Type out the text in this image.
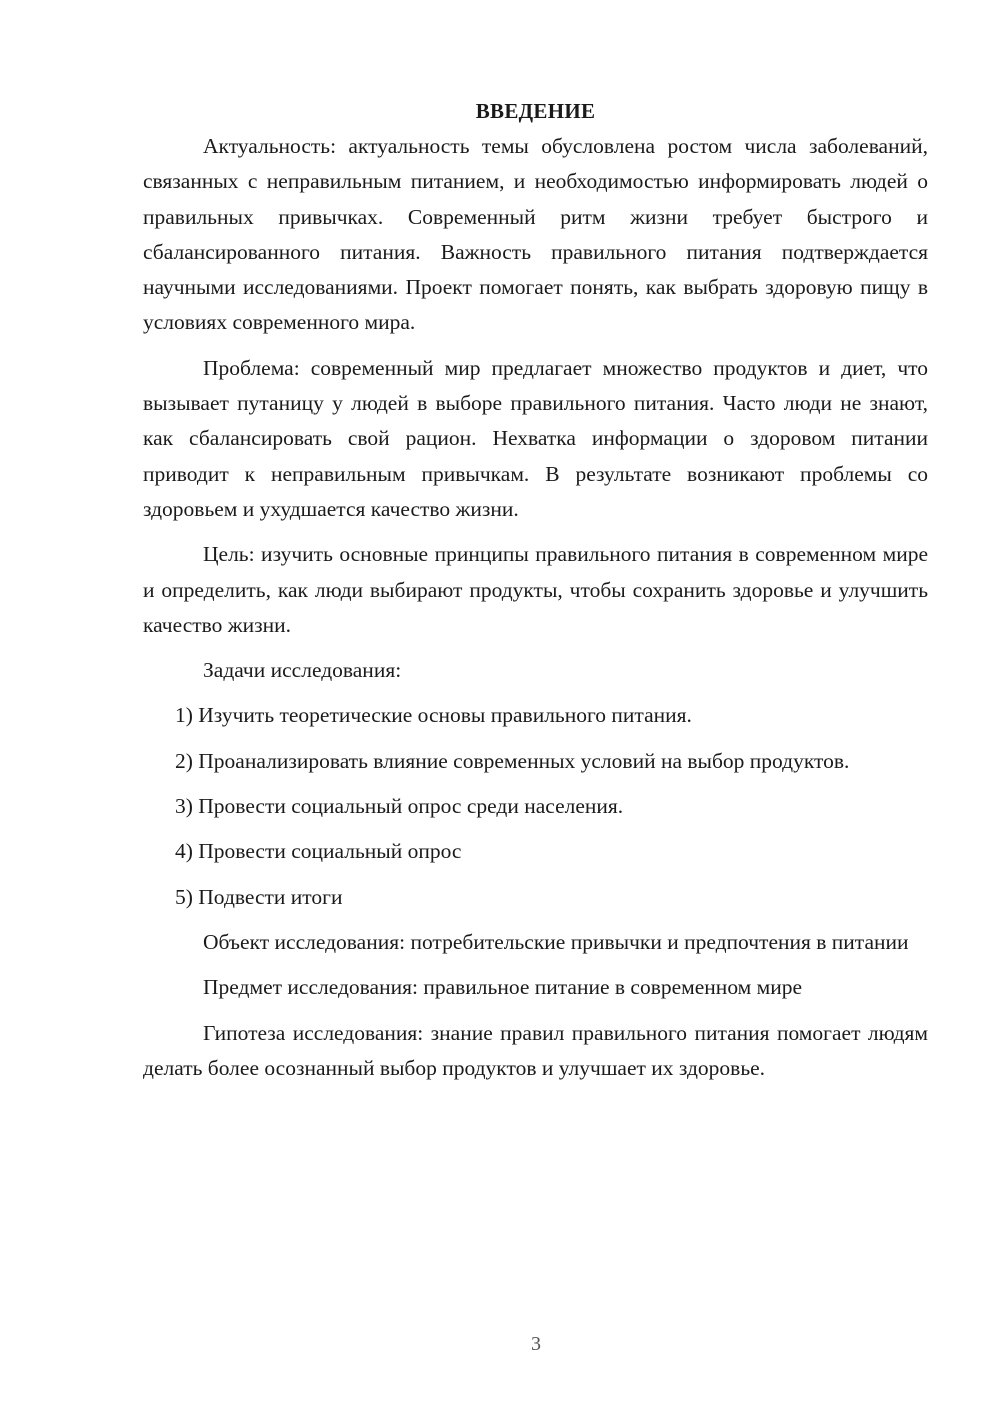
ВВЕДЕНИЕ

Актуальность: актуальность темы обусловлена ростом числа заболеваний, связанных с неправильным питанием, и необходимостью информировать людей о правильных привычках. Современный ритм жизни требует быстрого и сбалансированного питания. Важность правильного питания подтверждается научными исследованиями. Проект помогает понять, как выбрать здоровую пищу в условиях современного мира.

Проблема: современный мир предлагает множество продуктов и диет, что вызывает путаницу у людей в выборе правильного питания. Часто люди не знают, как сбалансировать свой рацион. Нехватка информации о здоровом питании приводит к неправильным привычкам. В результате возникают проблемы со здоровьем и ухудшается качество жизни.

Цель: изучить основные принципы правильного питания в современном мире и определить, как люди выбирают продукты, чтобы сохранить здоровье и улучшить качество жизни.

Задачи исследования:

1) Изучить теоретические основы правильного питания.

2) Проанализировать влияние современных условий на выбор продуктов.

3) Провести социальный опрос среди населения.

4) Провести социальный опрос

5) Подвести итоги

Объект исследования: потребительские привычки и предпочтения в питании

Предмет исследования: правильное питание в современном мире

Гипотеза исследования: знание правил правильного питания помогает людям делать более осознанный выбор продуктов и улучшает их здоровье.

3
